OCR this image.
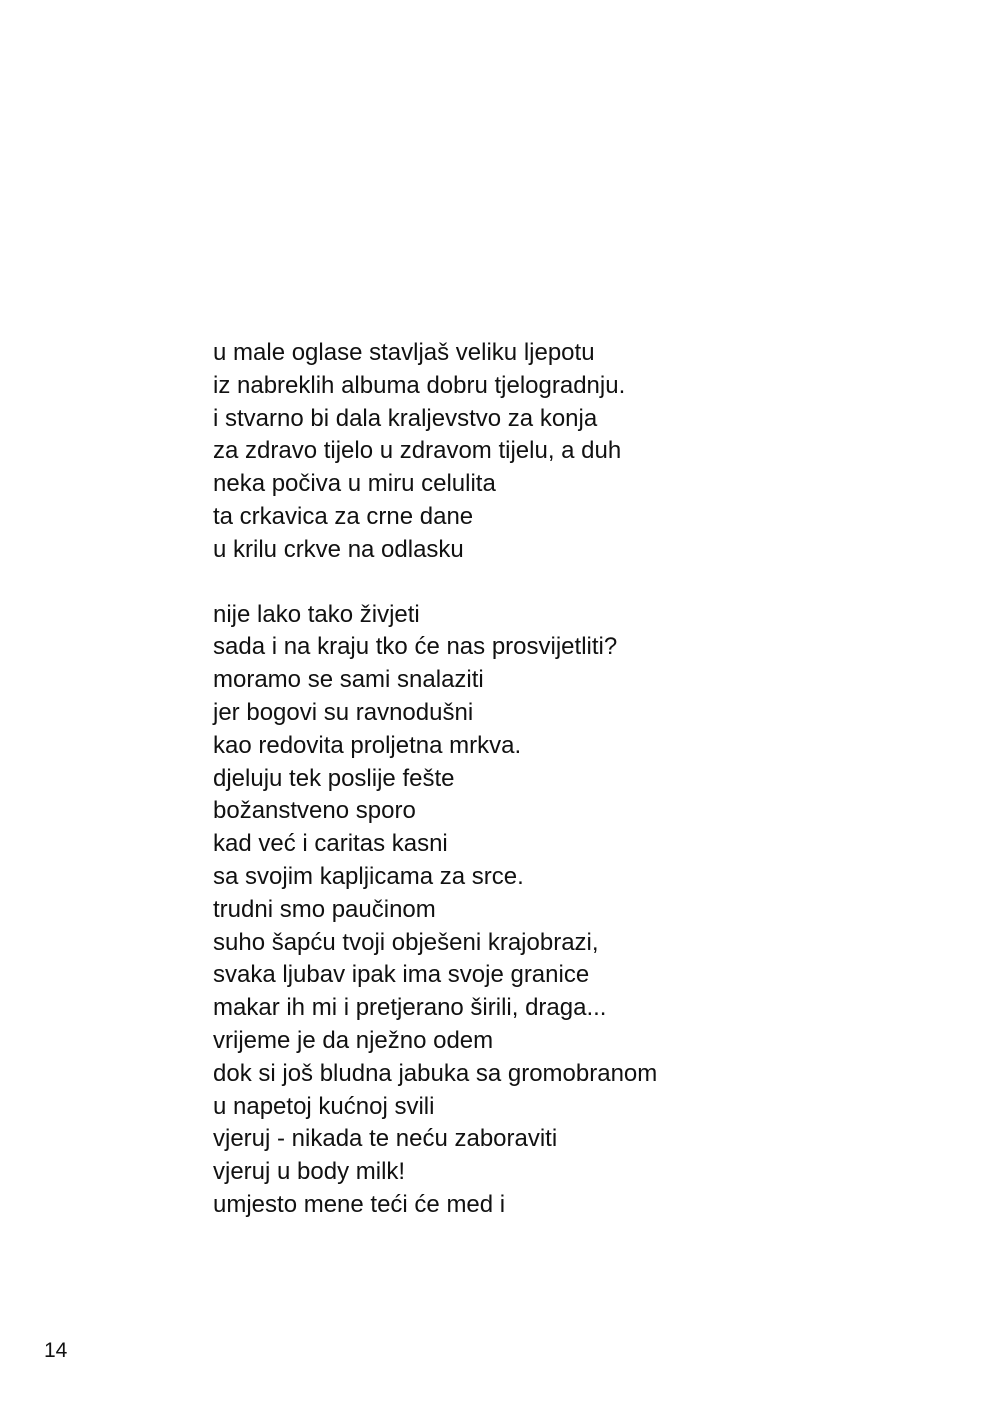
u male oglase stavljaš veliku ljepotu
iz nabreklih albuma dobru tjelogradnju.
i stvarno bi dala kraljevstvo za konja
za zdravo tijelo u zdravom tijelu, a duh
neka počiva u miru celulita
ta crkavica za crne dane
u krilu crkve na odlasku
nije lako tako živjeti
sada i na kraju tko će nas prosvijetliti?
moramo se sami snalaziti
jer bogovi su ravnodušni
kao redovita proljetna mrkva.
djeluju tek poslije fešte
božanstveno sporo
kad već i caritas kasni
sa svojim kapljicama za srce.
trudni smo paučinom
suho šapću tvoji obješeni krajobrazi,
svaka ljubav ipak ima svoje granice
makar ih mi i pretjerano širili, draga...
vrijeme je da nježno odem
dok si još bludna jabuka sa gromobranom
u napetoj kućnoj svili
vjeruj - nikada te neću zaboraviti
vjeruj u body milk!
umjesto mene teći će med i
14
